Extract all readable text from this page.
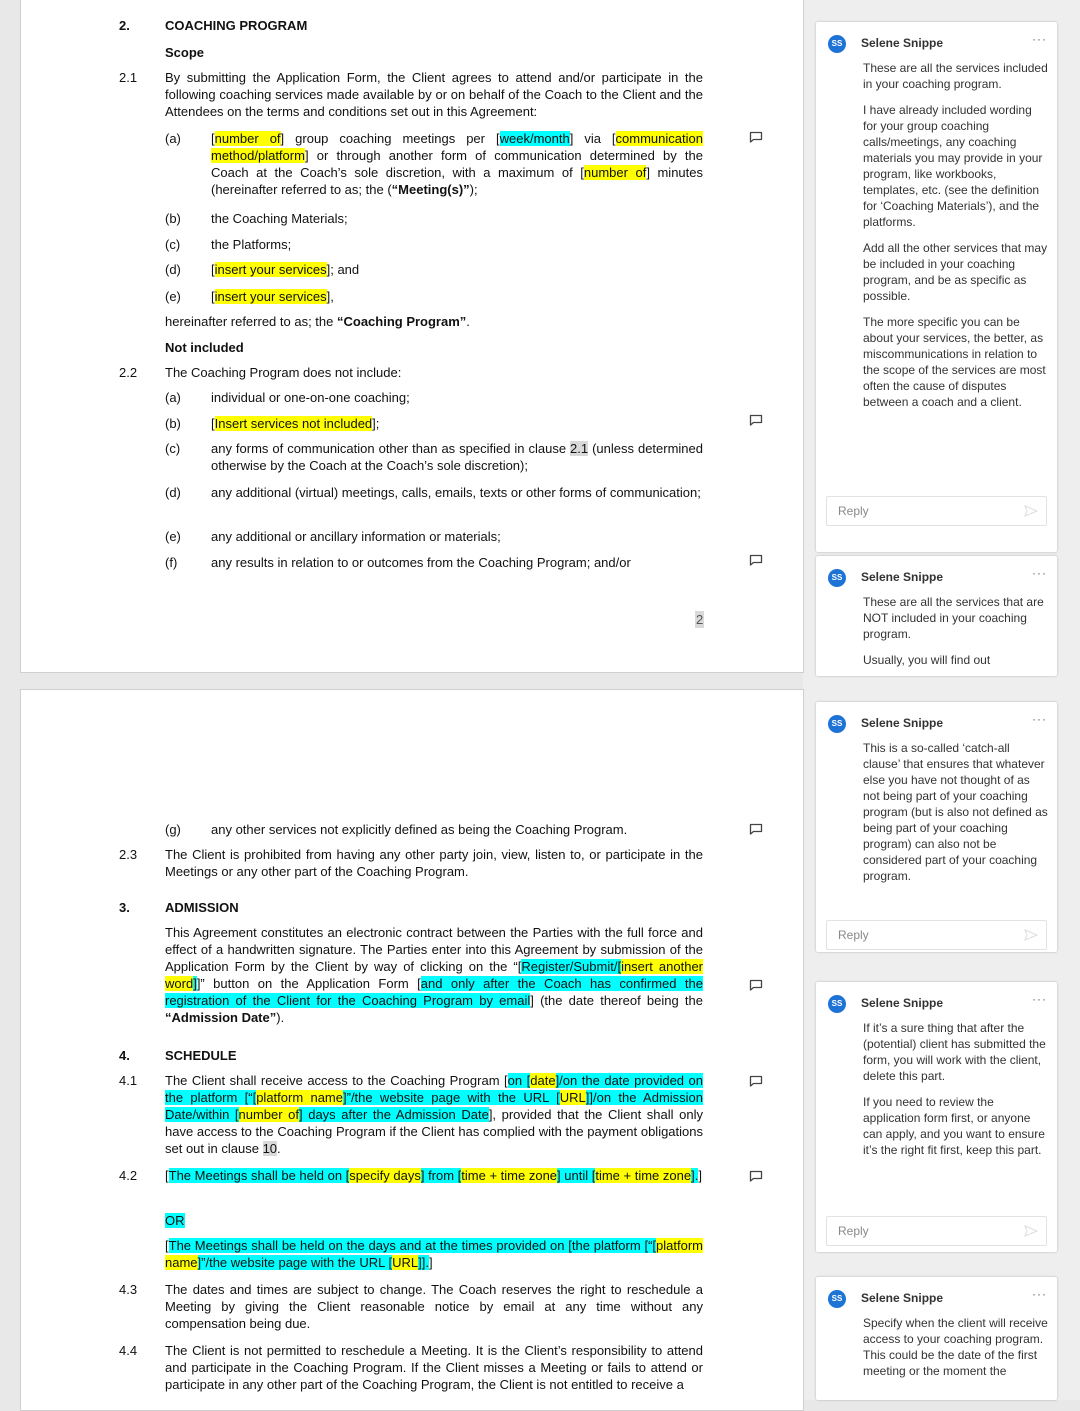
2.	COACHING PROGRAM
Scope
2.1 By submitting the Application Form, the Client agrees to attend and/or participate in the following coaching services made available by or on behalf of the Coach to the Client and the Attendees on the terms and conditions set out in this Agreement:
(a) [number of] group coaching meetings per [week/month] via [communication method/platform] or through another form of communication determined by the Coach at the Coach’s sole discretion, with a maximum of [number of] minutes (hereinafter referred to as; the (“Meeting(s)”);
(b) the Coaching Materials;
(c) the Platforms;
(d) [insert your services]; and
(e) [insert your services],
hereinafter referred to as; the “Coaching Program”.
Not included
2.2 The Coaching Program does not include:
(a) individual or one-on-one coaching;
(b) [Insert services not included];
(c) any forms of communication other than as specified in clause 2.1 (unless determined otherwise by the Coach at the Coach’s sole discretion);
(d) any additional (virtual) meetings, calls, emails, texts or other forms of communication;
(e) any additional or ancillary information or materials;
(f)	any results in relation to or outcomes from the Coaching Program; and/or
2
(g) any other services not explicitly defined as being the Coaching Program.
2.3 The Client is prohibited from having any other party join, view, listen to, or participate in the Meetings or any other part of the Coaching Program.
3.	ADMISSION
This Agreement constitutes an electronic contract between the Parties with the full force and effect of a handwritten signature. The Parties enter into this Agreement by submission of the Application Form by the Client by way of clicking on the “[Register/Submit/[insert another word]]” button on the Application Form [and only after the Coach has confirmed the registration of the Client for the Coaching Program by email] (the date thereof being the “Admission Date”).
4.	SCHEDULE
4.1 The Client shall receive access to the Coaching Program [on [date]/on the date provided on the platform [“[platform name]”/the website page with the URL [URL]]/on the Admission Date/within [number of] days after the Admission Date], provided that the Client shall only have access to the Coaching Program if the Client has complied with the payment obligations set out in clause 10.
4.2 [The Meetings shall be held on [specify days] from [time + time zone] until [time + time zone].]
OR
[The Meetings shall be held on the days and at the times provided on [the platform [“[platform name]”/the website page with the URL [URL]].]
4.3 The dates and times are subject to change. The Coach reserves the right to reschedule a Meeting by giving the Client reasonable notice by email at any time without any compensation being due.
4.4 The Client is not permitted to reschedule a Meeting. It is the Client’s responsibility to attend and participate in the Coaching Program. If the Client misses a Meeting or fails to attend or participate in any other part of the Coaching Program, the Client is not entitled to receive a
SS	Selene Snippe	···

These are all the services included in your coaching program.

I have already included wording for your group coaching calls/meetings, any coaching materials you may provide in your program, like workbooks, templates, etc. (see the definition for ‘Coaching Materials’), and the platforms.

Add all the other services that may be included in your coaching program, and be as specific as possible.

The more specific you can be about your services, the better, as miscommunications in relation to the scope of the services are most often the cause of disputes between a coach and a client.

Reply
SS	Selene Snippe	···

These are all the services that are NOT included in your coaching program.

Usually, you will find out

SS	Selene Snippe	···

This is a so-called ‘catch-all clause’ that ensures that whatever else you have not thought of as not being part of your coaching program (but is also not defined as being part of your coaching program) can also not be considered part of your coaching program.

Reply
SS	Selene Snippe	···

If it’s a sure thing that after the (potential) client has submitted the form, you will work with the client, delete this part.

If you need to review the application form first, or anyone can apply, and you want to ensure it’s the right fit first, keep this part.

Reply
SS	Selene Snippe	···

Specify when the client will receive access to your coaching program. This could be the date of the first meeting or the moment the
